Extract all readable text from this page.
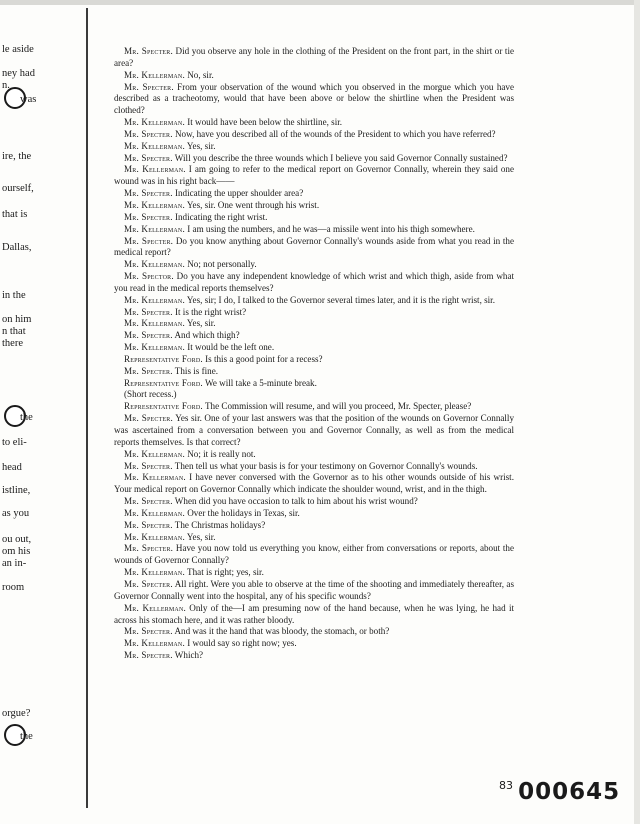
le aside
ney had
n.
was
ire, the
ourself,
that is
Dallas,
in the
on him
n that
there
the
to eli-
head
istline,
as you
ou out,
om his
an in-
room
orgue?
the

Mr. Specter. Did you observe any hole in the clothing of the President on the front part, in the shirt or tie area?

Mr. Kellerman. No, sir.

Mr. Specter. From your observation of the wound which you observed in the morgue which you have described as a tracheotomy, would that have been above or below the shirtline when the President was clothed?

Mr. Kellerman. It would have been below the shirtline, sir.

Mr. Specter. Now, have you described all of the wounds of the President to which you have referred?

Mr. Kellerman. Yes, sir.

Mr. Specter. Will you describe the three wounds which I believe you said Governor Connally sustained?

Mr. Kellerman. I am going to refer to the medical report on Governor Connally, wherein they said one wound was in his right back——

Mr. Specter. Indicating the upper shoulder area?

Mr. Kellerman. Yes, sir. One went through his wrist.

Mr. Specter. Indicating the right wrist.

Mr. Kellerman. I am using the numbers, and he was—a missile went into his thigh somewhere.

Mr. Specter. Do you know anything about Governor Connally's wounds aside from what you read in the medical report?

Mr. Kellerman. No; not personally.

Mr. Spector. Do you have any independent knowledge of which wrist and which thigh, aside from what you read in the medical reports themselves?

Mr. Kellerman. Yes, sir; I do, I talked to the Governor several times later, and it is the right wrist, sir.

Mr. Specter. It is the right wrist?

Mr. Kellerman. Yes, sir.

Mr. Specter. And which thigh?

Mr. Kellerman. It would be the left one.

Representative Ford. Is this a good point for a recess?

Mr. Specter. This is fine.

Representative Ford. We will take a 5-minute break.

(Short recess.)

Representative Ford. The Commission will resume, and will you proceed, Mr. Specter, please?

Mr. Specter. Yes sir. One of your last answers was that the position of the wounds on Governor Connally was ascertained from a conversation between you and Governor Connally, as well as from the medical reports themselves. Is that correct?

Mr. Kellerman. No; it is really not.

Mr. Specter. Then tell us what your basis is for your testimony on Governor Connally's wounds.

Mr. Kellerman. I have never conversed with the Governor as to his other wounds outside of his wrist. Your medical report on Governor Connally which indicate the shoulder wound, wrist, and in the thigh.

Mr. Specter. When did you have occasion to talk to him about his wrist wound?

Mr. Kellerman. Over the holidays in Texas, sir.

Mr. Specter. The Christmas holidays?

Mr. Kellerman. Yes, sir.

Mr. Specter. Have you now told us everything you know, either from conversations or reports, about the wounds of Governor Connally?

Mr. Kellerman. That is right; yes, sir.

Mr. Specter. All right. Were you able to observe at the time of the shooting and immediately thereafter, as Governor Connally went into the hospital, any of his specific wounds?

Mr. Kellerman. Only of the—I am presuming now of the hand because, when he was lying, he had it across his stomach here, and it was rather bloody.

Mr. Specter. And was it the hand that was bloody, the stomach, or both?

Mr. Kellerman. I would say so right now; yes.

Mr. Specter. Which?

$^{83}$ 000645
